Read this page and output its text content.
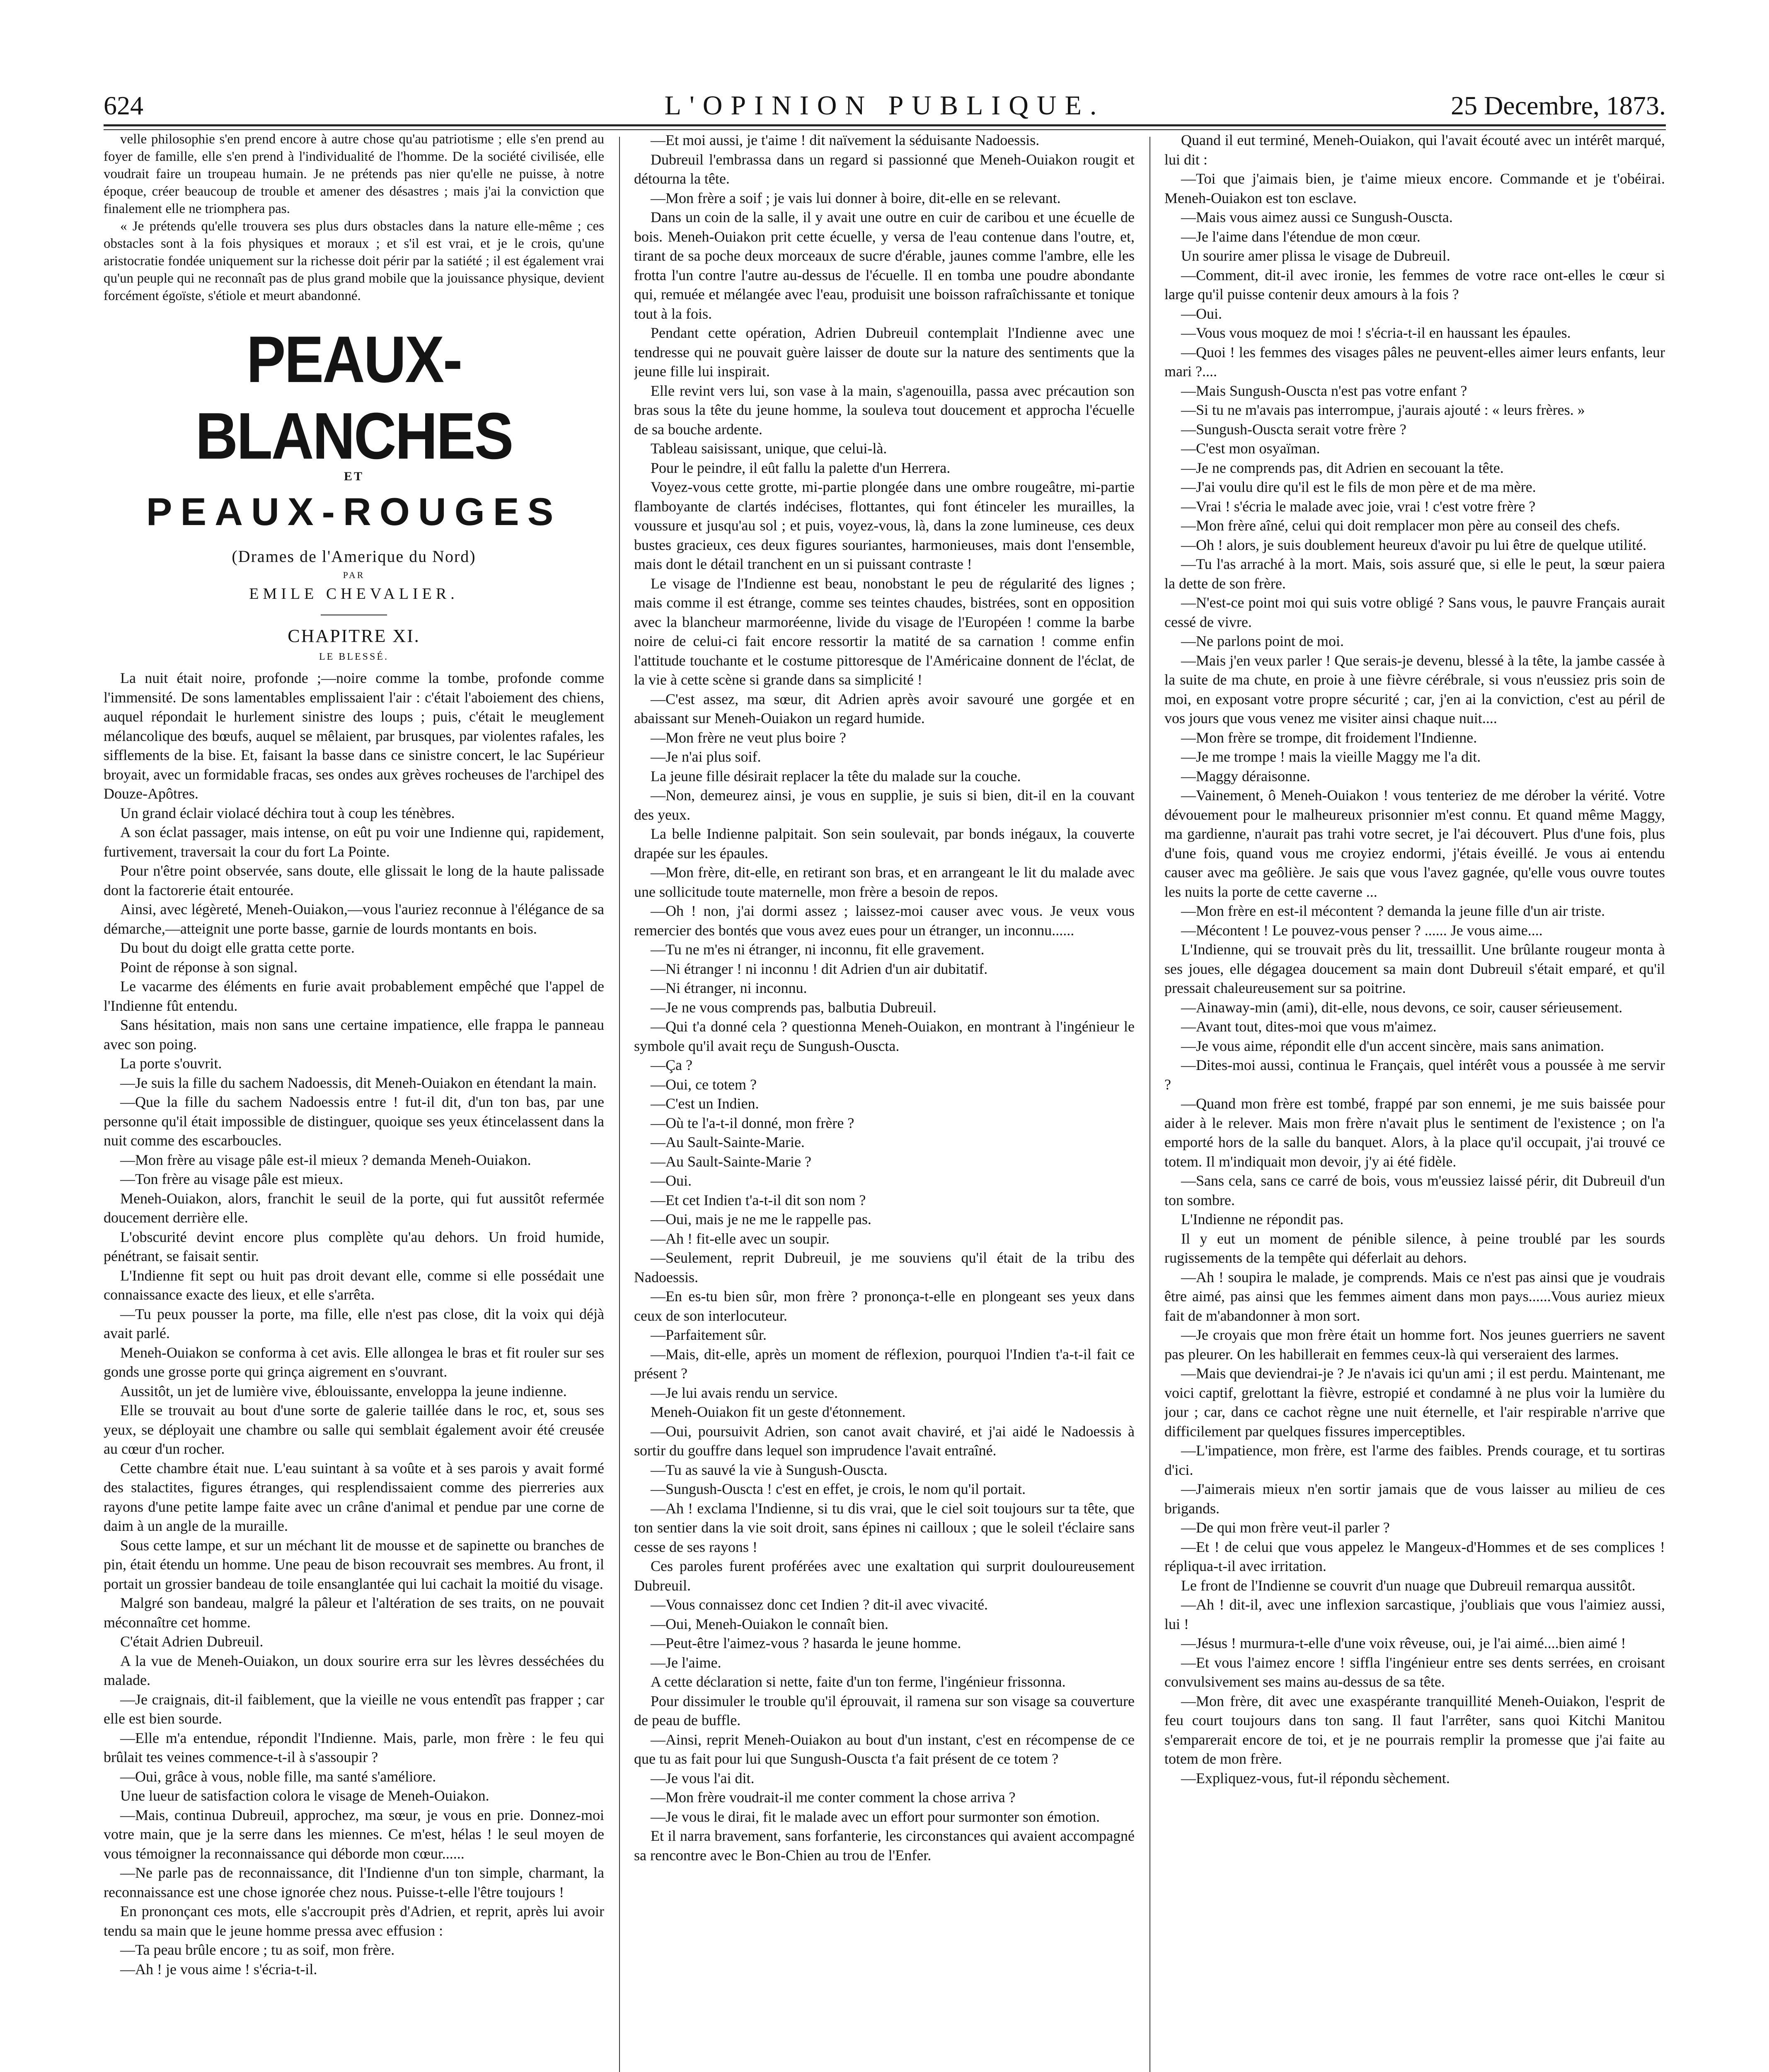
624	L'OPINION PUBLIQUE.	25 Decembre, 1873.

velle philosophie s'en prend encore à autre chose qu'au patriotisme ; elle s'en prend au foyer de famille, elle s'en prend à l'individualité de l'homme. De la société civilisée, elle voudrait faire un troupeau humain. Je ne prétends pas nier qu'elle ne puisse, à notre époque, créer beaucoup de trouble et amener des désastres ; mais j'ai la conviction que finalement elle ne triomphera pas.

« Je prétends qu'elle trouvera ses plus durs obstacles dans la nature elle-même ; ces obstacles sont à la fois physiques et moraux ; et s'il est vrai, et je le crois, qu'une aristocratie fondée uniquement sur la richesse doit périr par la satiété ; il est également vrai qu'un peuple qui ne reconnaît pas de plus grand mobile que la jouissance physique, devient forcément égoïste, s'étiole et meurt abandonné.

PEAUX-BLANCHES
ET
PEAUX-ROUGES
(Drames de l'Amerique du Nord)
PAR
EMILE CHEVALIER.
CHAPITRE XI.
LE BLESSÉ.

La nuit était noire, profonde ;—noire comme la tombe, profonde comme l'immensité. De sons lamentables emplissaient l'air : c'était l'aboiement des chiens, auquel répondait le hurlement sinistre des loups ; puis, c'était le meuglement mélancolique des bœufs, auquel se mêlaient, par brusques, par violentes rafales, les sifflements de la bise. Et, faisant la basse dans ce sinistre concert, le lac Supérieur broyait, avec un formidable fracas, ses ondes aux grèves rocheuses de l'archipel des Douze-Apôtres.

Un grand éclair violacé déchira tout à coup les ténèbres.

A son éclat passager, mais intense, on eût pu voir une Indienne qui, rapidement, furtivement, traversait la cour du fort La Pointe.

Pour n'être point observée, sans doute, elle glissait le long de la haute palissade dont la factorerie était entourée.

Ainsi, avec légèreté, Meneh-Ouiakon,—vous l'auriez reconnue à l'élégance de sa démarche,—atteignit une porte basse, garnie de lourds montants en bois.

Du bout du doigt elle gratta cette porte.

Point de réponse à son signal.

Le vacarme des éléments en furie avait probablement empêché que l'appel de l'Indienne fût entendu.

Sans hésitation, mais non sans une certaine impatience, elle frappa le panneau avec son poing.

La porte s'ouvrit.

—Je suis la fille du sachem Nadoessis, dit Meneh-Ouiakon en étendant la main.

—Que la fille du sachem Nadoessis entre ! fut-il dit, d'un ton bas, par une personne qu'il était impossible de distinguer, quoique ses yeux étincelassent dans la nuit comme des escarboucles.

—Mon frère au visage pâle est-il mieux ? demanda Meneh-Ouiakon.

—Ton frère au visage pâle est mieux.

Meneh-Ouiakon, alors, franchit le seuil de la porte, qui fut aussitôt refermée doucement derrière elle.

L'obscurité devint encore plus complète qu'au dehors. Un froid humide, pénétrant, se faisait sentir.

L'Indienne fit sept ou huit pas droit devant elle, comme si elle possédait une connaissance exacte des lieux, et elle s'arrêta.

—Tu peux pousser la porte, ma fille, elle n'est pas close, dit la voix qui déjà avait parlé.

Meneh-Ouiakon se conforma à cet avis. Elle allongea le bras et fit rouler sur ses gonds une grosse porte qui grinça aigrement en s'ouvrant.

Aussitôt, un jet de lumière vive, éblouissante, enveloppa la jeune indienne.

Elle se trouvait au bout d'une sorte de galerie taillée dans le roc, et, sous ses yeux, se déployait une chambre ou salle qui semblait également avoir été creusée au cœur d'un rocher.

Cette chambre était nue. L'eau suintant à sa voûte et à ses parois y avait formé des stalactites, figures étranges, qui resplendissaient comme des pierreries aux rayons d'une petite lampe faite avec un crâne d'animal et pendue par une corne de daim à un angle de la muraille.

Sous cette lampe, et sur un méchant lit de mousse et de sapinette ou branches de pin, était étendu un homme. Une peau de bison recouvrait ses membres. Au front, il portait un grossier bandeau de toile ensanglantée qui lui cachait la moitié du visage.

Malgré son bandeau, malgré la pâleur et l'altération de ses traits, on ne pouvait méconnaître cet homme.

C'était Adrien Dubreuil.

A la vue de Meneh-Ouiakon, un doux sourire erra sur les lèvres desséchées du malade.

—Je craignais, dit-il faiblement, que la vieille ne vous entendît pas frapper ; car elle est bien sourde.

—Elle m'a entendue, répondit l'Indienne. Mais, parle, mon frère : le feu qui brûlait tes veines commence-t-il à s'assoupir ?

—Oui, grâce à vous, noble fille, ma santé s'améliore.

Une lueur de satisfaction colora le visage de Meneh-Ouiakon.

—Mais, continua Dubreuil, approchez, ma sœur, je vous en prie. Donnez-moi votre main, que je la serre dans les miennes. Ce m'est, hélas ! le seul moyen de vous témoigner la reconnaissance qui déborde mon cœur......

—Ne parle pas de reconnaissance, dit l'Indienne d'un ton simple, charmant, la reconnaissance est une chose ignorée chez nous. Puisse-t-elle l'être toujours !

En prononçant ces mots, elle s'accroupit près d'Adrien, et reprit, après lui avoir tendu sa main que le jeune homme pressa avec effusion :

—Ta peau brûle encore ; tu as soif, mon frère.

—Ah ! je vous aime ! s'écria-t-il.

—Et moi aussi, je t'aime ! dit naïvement la séduisante Nadoessis.

Dubreuil l'embrassa dans un regard si passionné que Meneh-Ouiakon rougit et détourna la tête.

—Mon frère a soif ; je vais lui donner à boire, dit-elle en se relevant.

Dans un coin de la salle, il y avait une outre en cuir de caribou et une écuelle de bois. Meneh-Ouiakon prit cette écuelle, y versa de l'eau contenue dans l'outre, et, tirant de sa poche deux morceaux de sucre d'érable, jaunes comme l'ambre, elle les frotta l'un contre l'autre au-dessus de l'écuelle. Il en tomba une poudre abondante qui, remuée et mélangée avec l'eau, produisit une boisson rafraîchissante et tonique tout à la fois.

Pendant cette opération, Adrien Dubreuil contemplait l'Indienne avec une tendresse qui ne pouvait guère laisser de doute sur la nature des sentiments que la jeune fille lui inspirait.

Elle revint vers lui, son vase à la main, s'agenouilla, passa avec précaution son bras sous la tête du jeune homme, la souleva tout doucement et approcha l'écuelle de sa bouche ardente.

Tableau saisissant, unique, que celui-là.

Pour le peindre, il eût fallu la palette d'un Herrera.

Voyez-vous cette grotte, mi-partie plongée dans une ombre rougeâtre, mi-partie flamboyante de clartés indécises, flottantes, qui font étinceler les murailles, la voussure et jusqu'au sol ; et puis, voyez-vous, là, dans la zone lumineuse, ces deux bustes gracieux, ces deux figures souriantes, harmonieuses, mais dont l'ensemble, mais dont le détail tranchent en un si puissant contraste !

Le visage de l'Indienne est beau, nonobstant le peu de régularité des lignes ; mais comme il est étrange, comme ses teintes chaudes, bistrées, sont en opposition avec la blancheur marmoréenne, livide du visage de l'Européen ! comme la barbe noire de celui-ci fait encore ressortir la matité de sa carnation ! comme enfin l'attitude touchante et le costume pittoresque de l'Américaine donnent de l'éclat, de la vie à cette scène si grande dans sa simplicité !

—C'est assez, ma sœur, dit Adrien après avoir savouré une gorgée et en abaissant sur Meneh-Ouiakon un regard humide.

—Mon frère ne veut plus boire ?

—Je n'ai plus soif.

La jeune fille désirait replacer la tête du malade sur la couche.

—Non, demeurez ainsi, je vous en supplie, je suis si bien, dit-il en la couvant des yeux.

La belle Indienne palpitait. Son sein soulevait, par bonds inégaux, la couverte drapée sur les épaules.

—Mon frère, dit-elle, en retirant son bras, et en arrangeant le lit du malade avec une sollicitude toute maternelle, mon frère a besoin de repos.

—Oh ! non, j'ai dormi assez ; laissez-moi causer avec vous. Je veux vous remercier des bontés que vous avez eues pour un étranger, un inconnu......

—Tu ne m'es ni étranger, ni inconnu, fit elle gravement.

—Ni étranger ! ni inconnu ! dit Adrien d'un air dubitatif.

—Ni étranger, ni inconnu.

—Je ne vous comprends pas, balbutia Dubreuil.

—Qui t'a donné cela ? questionna Meneh-Ouiakon, en montrant à l'ingénieur le symbole qu'il avait reçu de Sungush-Ouscta.

—Ça ?

—Oui, ce totem ?

—C'est un Indien.

—Où te l'a-t-il donné, mon frère ?

—Au Sault-Sainte-Marie.

—Au Sault-Sainte-Marie ?

—Oui.

—Et cet Indien t'a-t-il dit son nom ?

—Oui, mais je ne me le rappelle pas.

—Ah ! fit-elle avec un soupir.

—Seulement, reprit Dubreuil, je me souviens qu'il était de la tribu des Nadoessis.

—En es-tu bien sûr, mon frère ? prononça-t-elle en plongeant ses yeux dans ceux de son interlocuteur.

—Parfaitement sûr.

—Mais, dit-elle, après un moment de réflexion, pourquoi l'Indien t'a-t-il fait ce présent ?

—Je lui avais rendu un service.

Meneh-Ouiakon fit un geste d'étonnement.

—Oui, poursuivit Adrien, son canot avait chaviré, et j'ai aidé le Nadoessis à sortir du gouffre dans lequel son imprudence l'avait entraîné.

—Tu as sauvé la vie à Sungush-Ouscta.

—Sungush-Ouscta ! c'est en effet, je crois, le nom qu'il portait.

—Ah ! exclama l'Indienne, si tu dis vrai, que le ciel soit toujours sur ta tête, que ton sentier dans la vie soit droit, sans épines ni cailloux ; que le soleil t'éclaire sans cesse de ses rayons !

Ces paroles furent proférées avec une exaltation qui surprit douloureusement Dubreuil.

—Vous connaissez donc cet Indien ? dit-il avec vivacité.

—Oui, Meneh-Ouiakon le connaît bien.

—Peut-être l'aimez-vous ? hasarda le jeune homme.

—Je l'aime.

A cette déclaration si nette, faite d'un ton ferme, l'ingénieur frissonna.

Pour dissimuler le trouble qu'il éprouvait, il ramena sur son visage sa couverture de peau de buffle.

—Ainsi, reprit Meneh-Ouiakon au bout d'un instant, c'est en récompense de ce que tu as fait pour lui que Sungush-Ouscta t'a fait présent de ce totem ?

—Je vous l'ai dit.

—Mon frère voudrait-il me conter comment la chose arriva ?

—Je vous le dirai, fit le malade avec un effort pour surmonter son émotion.

Et il narra bravement, sans forfanterie, les circonstances qui avaient accompagné sa rencontre avec le Bon-Chien au trou de l'Enfer.

Quand il eut terminé, Meneh-Ouiakon, qui l'avait écouté avec un intérêt marqué, lui dit :

—Toi que j'aimais bien, je t'aime mieux encore. Commande et je t'obéirai. Meneh-Ouiakon est ton esclave.

—Mais vous aimez aussi ce Sungush-Ouscta.

—Je l'aime dans l'étendue de mon cœur.

Un sourire amer plissa le visage de Dubreuil.

—Comment, dit-il avec ironie, les femmes de votre race ont-elles le cœur si large qu'il puisse contenir deux amours à la fois ?

—Oui.

—Vous vous moquez de moi ! s'écria-t-il en haussant les épaules.

—Quoi ! les femmes des visages pâles ne peuvent-elles aimer leurs enfants, leur mari ?....

—Mais Sungush-Ouscta n'est pas votre enfant ?

—Si tu ne m'avais pas interrompue, j'aurais ajouté : « leurs frères. »

—Sungush-Ouscta serait votre frère ?

—C'est mon osyaïman.

—Je ne comprends pas, dit Adrien en secouant la tête.

—J'ai voulu dire qu'il est le fils de mon père et de ma mère.

—Vrai ! s'écria le malade avec joie, vrai ! c'est votre frère ?

—Mon frère aîné, celui qui doit remplacer mon père au conseil des chefs.

—Oh ! alors, je suis doublement heureux d'avoir pu lui être de quelque utilité.

—Tu l'as arraché à la mort. Mais, sois assuré que, si elle le peut, la sœur paiera la dette de son frère.

—N'est-ce point moi qui suis votre obligé ? Sans vous, le pauvre Français aurait cessé de vivre.

—Ne parlons point de moi.

—Mais j'en veux parler ! Que serais-je devenu, blessé à la tête, la jambe cassée à la suite de ma chute, en proie à une fièvre cérébrale, si vous n'eussiez pris soin de moi, en exposant votre propre sécurité ; car, j'en ai la conviction, c'est au péril de vos jours que vous venez me visiter ainsi chaque nuit....

—Mon frère se trompe, dit froidement l'Indienne.

—Je me trompe ! mais la vieille Maggy me l'a dit.

—Maggy déraisonne.

—Vainement, ô Meneh-Ouiakon ! vous tenteriez de me dérober la vérité. Votre dévouement pour le malheureux prisonnier m'est connu. Et quand même Maggy, ma gardienne, n'aurait pas trahi votre secret, je l'ai découvert. Plus d'une fois, plus d'une fois, quand vous me croyiez endormi, j'étais éveillé. Je vous ai entendu causer avec ma geôlière. Je sais que vous l'avez gagnée, qu'elle vous ouvre toutes les nuits la porte de cette caverne ...

—Mon frère en est-il mécontent ? demanda la jeune fille d'un air triste.

—Mécontent ! Le pouvez-vous penser ? ...... Je vous aime....

L'Indienne, qui se trouvait près du lit, tressaillit. Une brûlante rougeur monta à ses joues, elle dégagea doucement sa main dont Dubreuil s'était emparé, et qu'il pressait chaleureusement sur sa poitrine.

—Ainaway-min (ami), dit-elle, nous devons, ce soir, causer sérieusement.

—Avant tout, dites-moi que vous m'aimez.

—Je vous aime, répondit elle d'un accent sincère, mais sans animation.

—Dites-moi aussi, continua le Français, quel intérêt vous a poussée à me servir ?

—Quand mon frère est tombé, frappé par son ennemi, je me suis baissée pour aider à le relever. Mais mon frère n'avait plus le sentiment de l'existence ; on l'a emporté hors de la salle du banquet. Alors, à la place qu'il occupait, j'ai trouvé ce totem. Il m'indiquait mon devoir, j'y ai été fidèle.

—Sans cela, sans ce carré de bois, vous m'eussiez laissé périr, dit Dubreuil d'un ton sombre.

L'Indienne ne répondit pas.

Il y eut un moment de pénible silence, à peine troublé par les sourds rugissements de la tempête qui déferlait au dehors.

—Ah ! soupira le malade, je comprends. Mais ce n'est pas ainsi que je voudrais être aimé, pas ainsi que les femmes aiment dans mon pays......Vous auriez mieux fait de m'abandonner à mon sort.

—Je croyais que mon frère était un homme fort. Nos jeunes guerriers ne savent pas pleurer. On les habillerait en femmes ceux-là qui verseraient des larmes.

—Mais que deviendrai-je ? Je n'avais ici qu'un ami ; il est perdu. Maintenant, me voici captif, grelottant la fièvre, estropié et condamné à ne plus voir la lumière du jour ; car, dans ce cachot règne une nuit éternelle, et l'air respirable n'arrive que difficilement par quelques fissures imperceptibles.

—L'impatience, mon frère, est l'arme des faibles. Prends courage, et tu sortiras d'ici.

—J'aimerais mieux n'en sortir jamais que de vous laisser au milieu de ces brigands.

—De qui mon frère veut-il parler ?

—Et ! de celui que vous appelez le Mangeux-d'Hommes et de ses complices ! répliqua-t-il avec irritation.

Le front de l'Indienne se couvrit d'un nuage que Dubreuil remarqua aussitôt.

—Ah ! dit-il, avec une inflexion sarcastique, j'oubliais que vous l'aimiez aussi, lui !

—Jésus ! murmura-t-elle d'une voix rêveuse, oui, je l'ai aimé....bien aimé !

—Et vous l'aimez encore ! siffla l'ingénieur entre ses dents serrées, en croisant convulsivement ses mains au-dessus de sa tête.

—Mon frère, dit avec une exaspérante tranquillité Meneh-Ouiakon, l'esprit de feu court toujours dans ton sang. Il faut l'arrêter, sans quoi Kitchi Manitou s'emparerait encore de toi, et je ne pourrais remplir la promesse que j'ai faite au totem de mon frère.

—Expliquez-vous, fut-il répondu sèchement.
